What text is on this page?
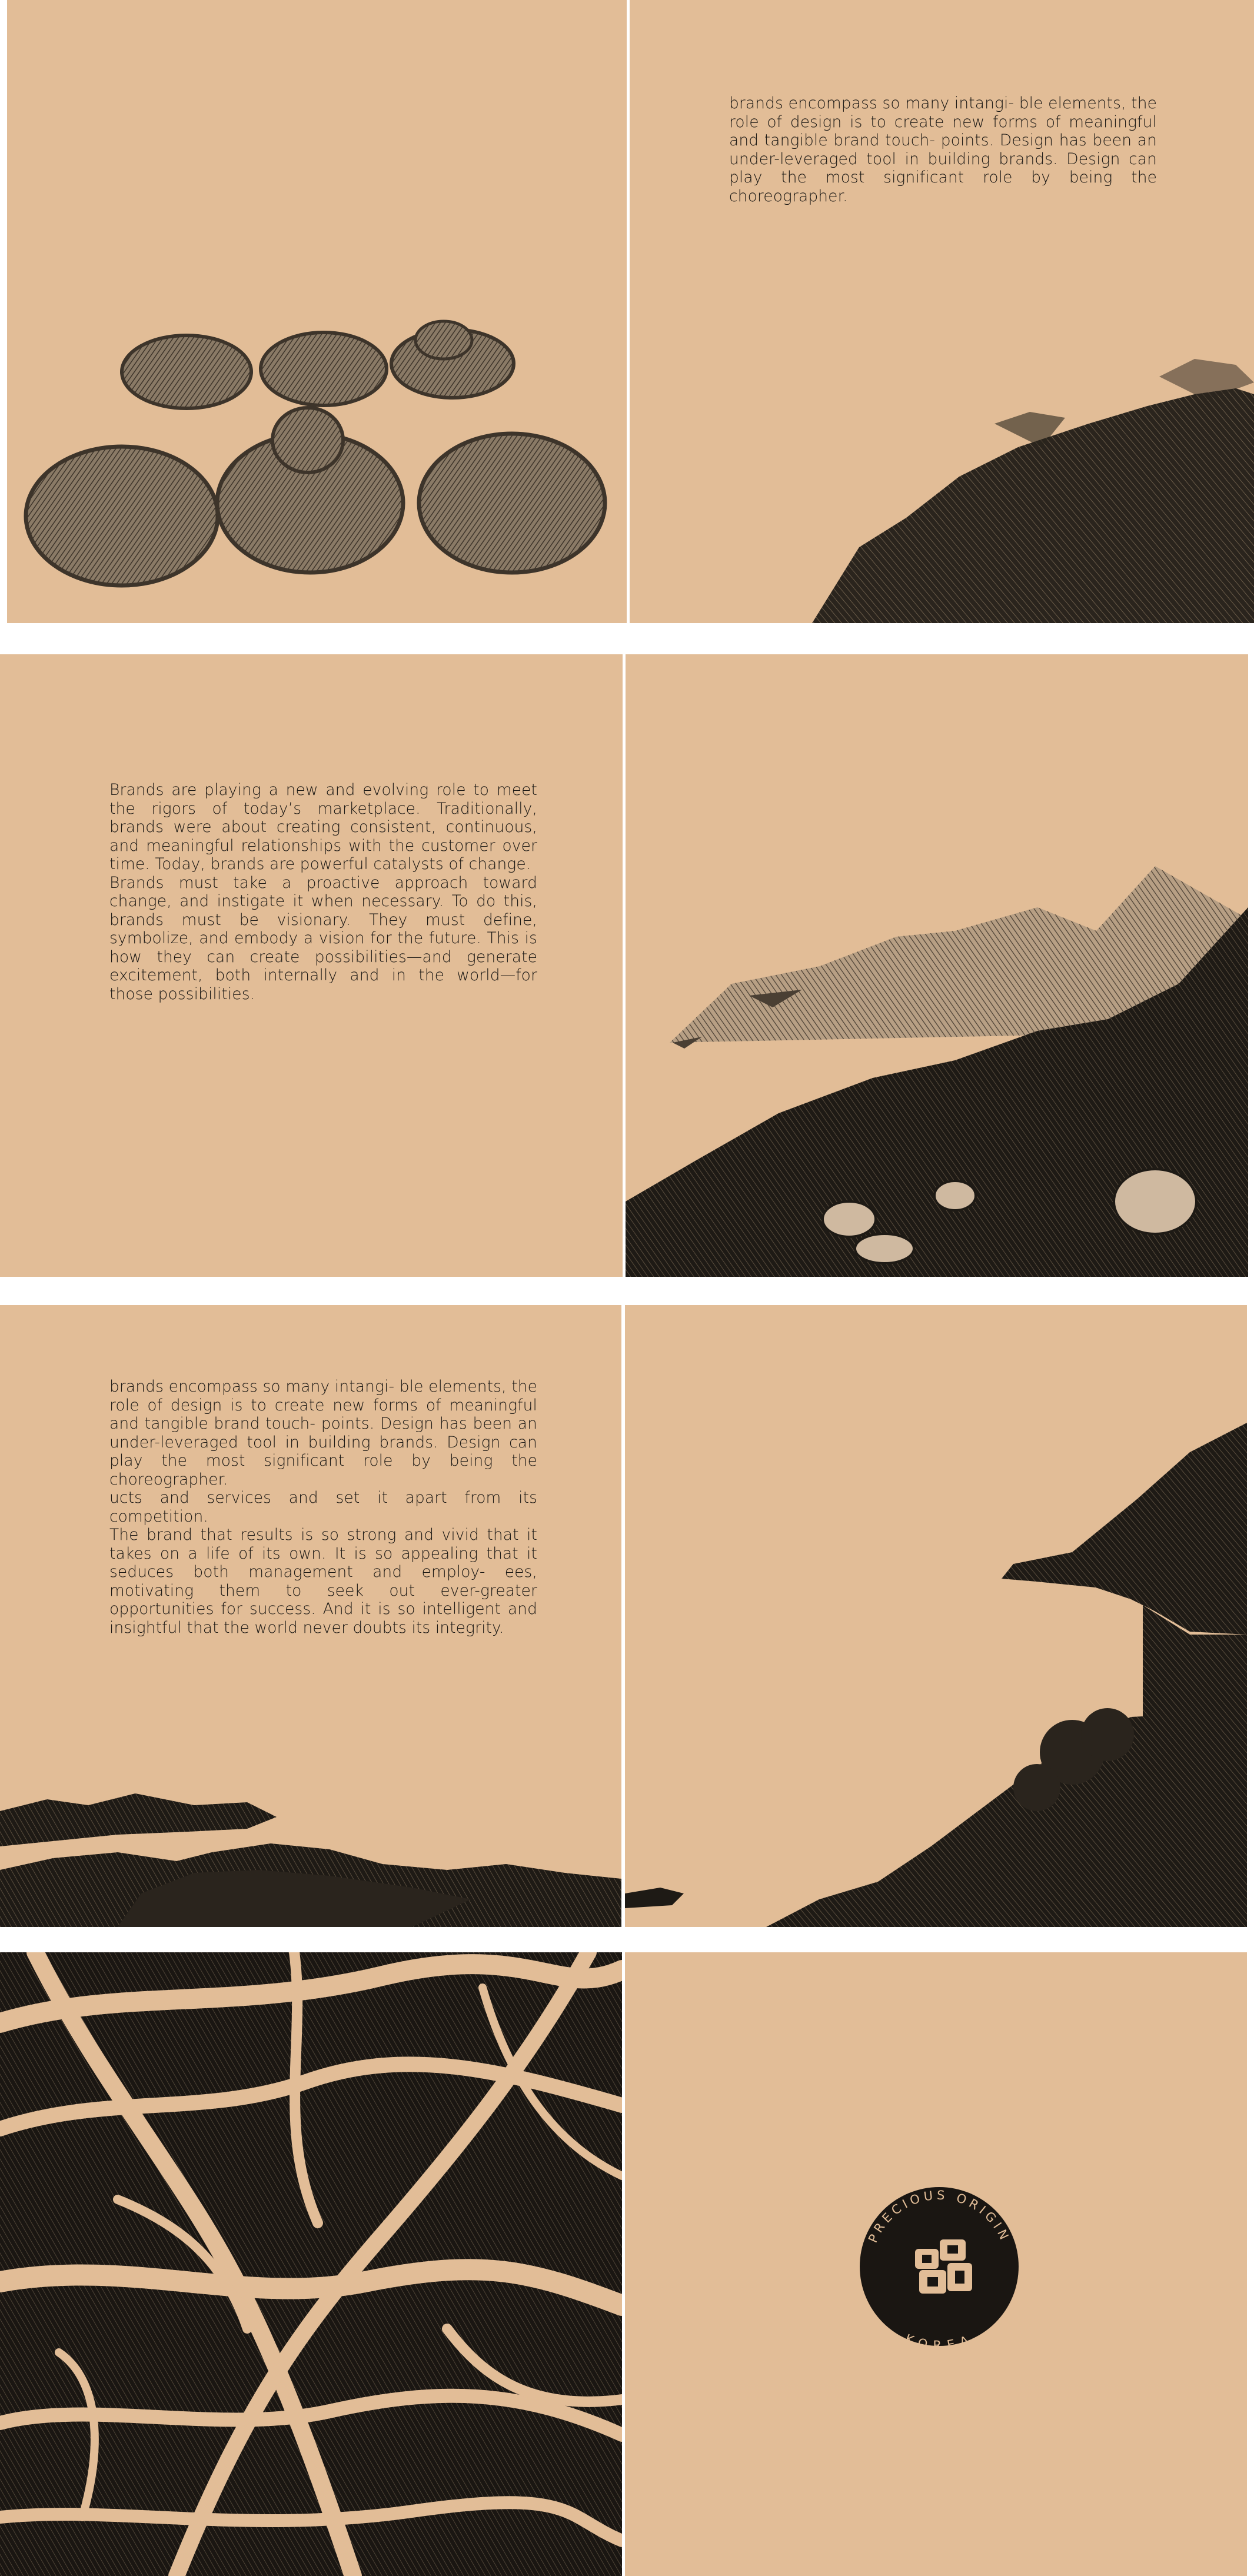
brands encompass so many intangi- ble elements, the role of design is to create new forms of meaningful and tangible brand touch- points. Design has been an under-leveraged tool in building brands. Design can play the most significant role by being the choreographer.

Brands are playing a new and evolving role to meet the rigors of today’s marketplace. Traditionally, brands were about creating consistent, continuous, and meaningful relationships with the customer over time. Today, brands are powerful catalysts of change.

Brands must take a proactive approach toward change, and instigate it when necessary. To do this, brands must be visionary. They must define, symbolize, and embody a vision for the future. This is how they can create possibilities—and generate excitement, both internally and in the world—for those possibilities.

brands encompass so many intangi- ble elements, the role of design is to create new forms of meaningful and tangible brand touch- points. Design has been an under-leveraged tool in building brands. Design can play the most significant role by being the choreographer.

ucts and services and set it apart from its competition.

The brand that results is so strong and vivid that it takes on a life of its own. It is so appealing that it seduces both management and employ- ees, motivating them to seek out ever-greater opportunities for success. And it is so intelligent and insightful that the world never doubts its integrity.

PRECIOUS ORIGIN
KOREA
